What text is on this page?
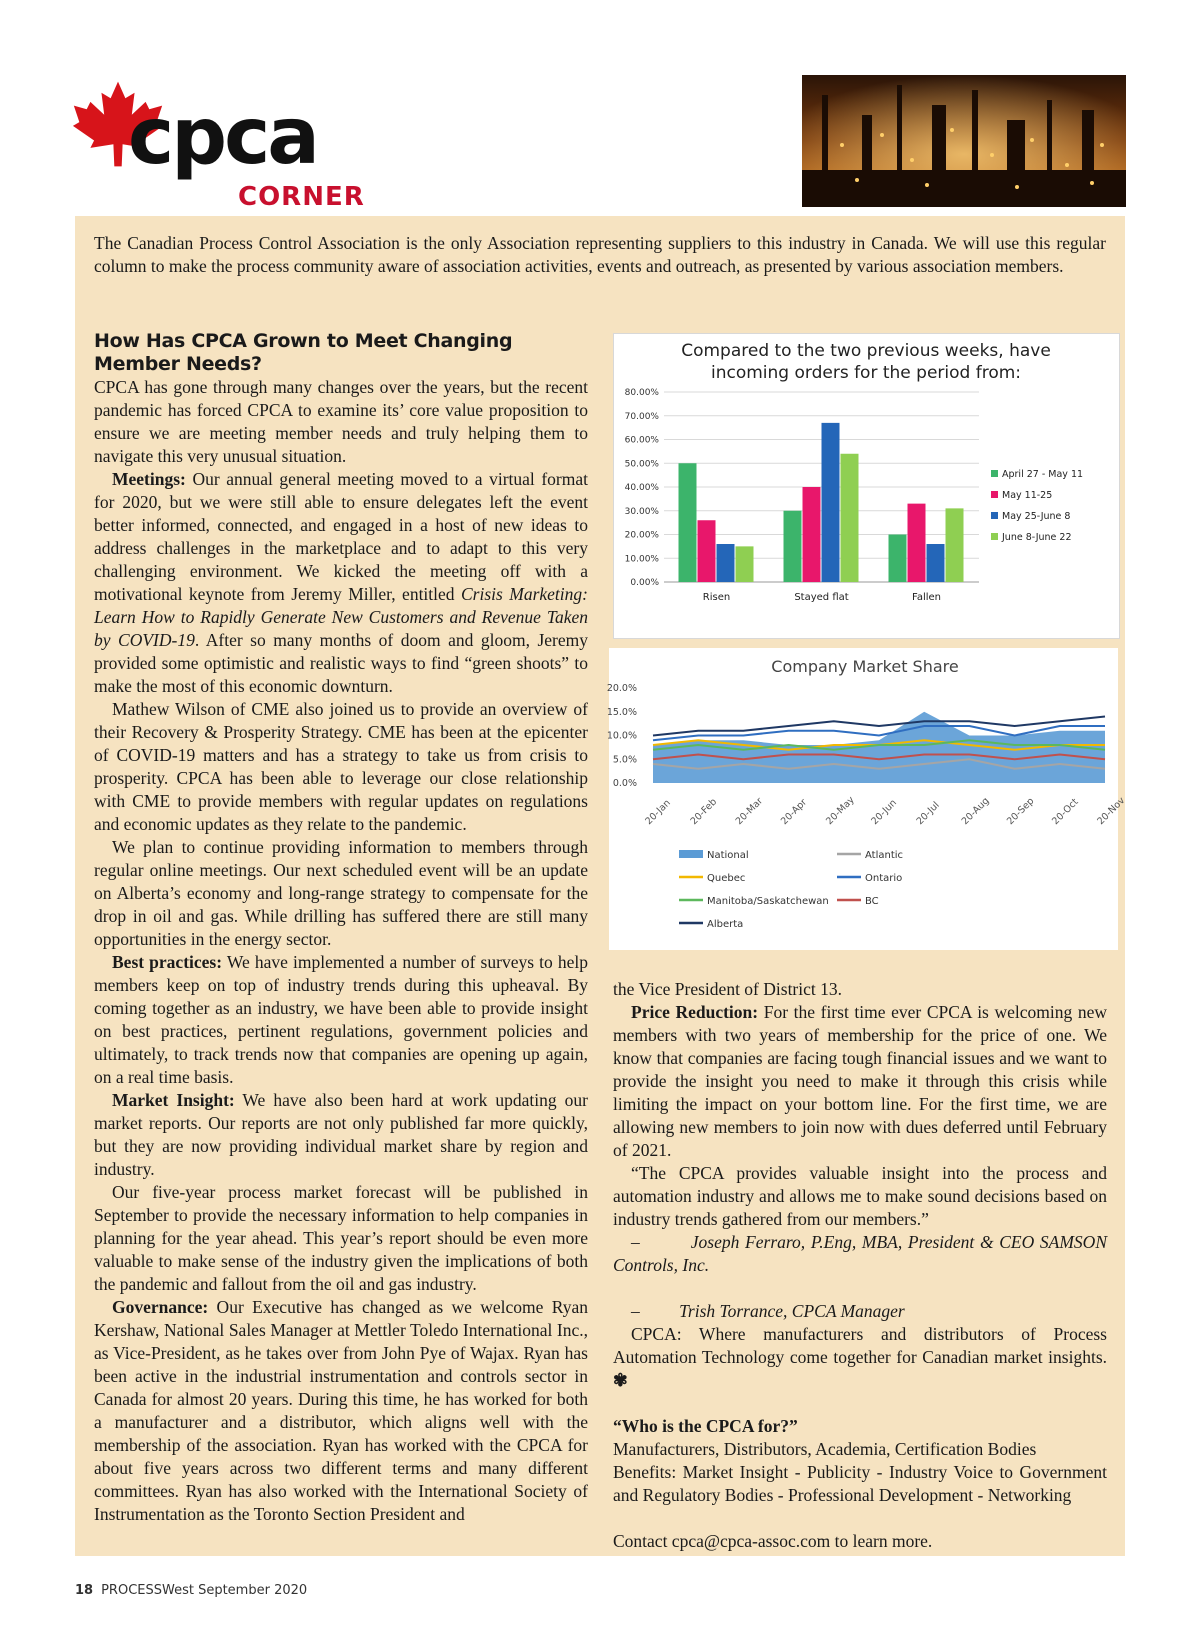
cpca
CORNER

The Canadian Process Control Association is the only Association representing suppliers to this industry in Canada. We will use this regular column to make the process community aware of association activities, events and outreach, as presented by various association members.

How Has CPCA Grown to Meet Changing Member Needs?

CPCA has gone through many changes over the years, but the recent pandemic has forced CPCA to examine its’ core value proposition to ensure we are meeting member needs and truly helping them to navigate this very unusual situation.

Meetings: Our annual general meeting moved to a virtual format for 2020, but we were still able to ensure delegates left the event better informed, connected, and engaged in a host of new ideas to address challenges in the marketplace and to adapt to this very challenging environment. We kicked the meeting off with a motivational keynote from Jeremy Miller, entitled Crisis Marketing: Learn How to Rapidly Generate New Customers and Revenue Taken by COVID-19. After so many months of doom and gloom, Jeremy provided some optimistic and realistic ways to find “green shoots” to make the most of this economic downturn.

Mathew Wilson of CME also joined us to provide an overview of their Recovery & Prosperity Strategy. CME has been at the epicenter of COVID-19 matters and has a strategy to take us from crisis to prosperity. CPCA has been able to leverage our close relationship with CME to provide members with regular updates on regulations and economic updates as they relate to the pandemic.

We plan to continue providing information to members through regular online meetings. Our next scheduled event will be an update on Alberta’s economy and long-range strategy to compensate for the drop in oil and gas. While drilling has suffered there are still many opportunities in the energy sector.

Best practices: We have implemented a number of surveys to help members keep on top of industry trends during this upheaval. By coming together as an industry, we have been able to provide insight on best practices, pertinent regulations, government policies and ultimately, to track trends now that companies are opening up again, on a real time basis.

Market Insight: We have also been hard at work updating our market reports. Our reports are not only published far more quickly, but they are now providing individual market share by region and industry.

Our five-year process market forecast will be published in September to provide the necessary information to help companies in planning for the year ahead. This year’s report should be even more valuable to make sense of the industry given the implications of both the pandemic and fallout from the oil and gas industry.

Governance: Our Executive has changed as we welcome Ryan Kershaw, National Sales Manager at Mettler Toledo International Inc., as Vice-President, as he takes over from John Pye of Wajax. Ryan has been active in the industrial instrumentation and controls sector in Canada for almost 20 years. During this time, he has worked for both a manufacturer and a distributor, which aligns well with the membership of the association. Ryan has worked with the CPCA for about five years across two different terms and many different committees. Ryan has also worked with the International Society of Instrumentation as the Toronto Section President and

Compared to the two previous weeks, have
incoming orders for the period from:
0.00%
10.00%
20.00%
30.00%
40.00%
50.00%
60.00%
70.00%
80.00%
Risen	Stayed flat	Fallen
April 27 - May 11
May 11-25
May 25-June 8
June 8-June 22
Company Market Share
0.0%
5.0%
10.0%
15.0%
20.0%
20-Jan 20-Feb 20-Mar 20-Apr 20-May 20-Jun 20-Jul 20-Aug 20-Sep 20-Oct 20-Nov
National	Atlantic
Quebec	Ontario
Manitoba/Saskatchewan	BC
Alberta

the Vice President of District 13.

Price Reduction: For the first time ever CPCA is welcoming new members with two years of membership for the price of one. We know that companies are facing tough financial issues and we want to provide the insight you need to make it through this crisis while limiting the impact on your bottom line. For the first time, we are allowing new members to join now with dues deferred until February of 2021.

“The CPCA provides valuable insight into the process and automation industry and allows me to make sound decisions based on industry trends gathered from our members.”

–	Joseph Ferraro, P.Eng, MBA, President & CEO SAMSON Controls, Inc.

– Trish Torrance, CPCA Manager

CPCA: Where manufacturers and distributors of Process Automation Technology come together for Canadian market insights. ✾

“Who is the CPCA for?”

Manufacturers, Distributors, Academia, Certification Bodies

Benefits: Market Insight - Publicity - Industry Voice to Government and Regulatory Bodies - Professional Development - Networking

Contact cpca@cpca-assoc.com to learn more.

18 PROCESSWest September 2020
